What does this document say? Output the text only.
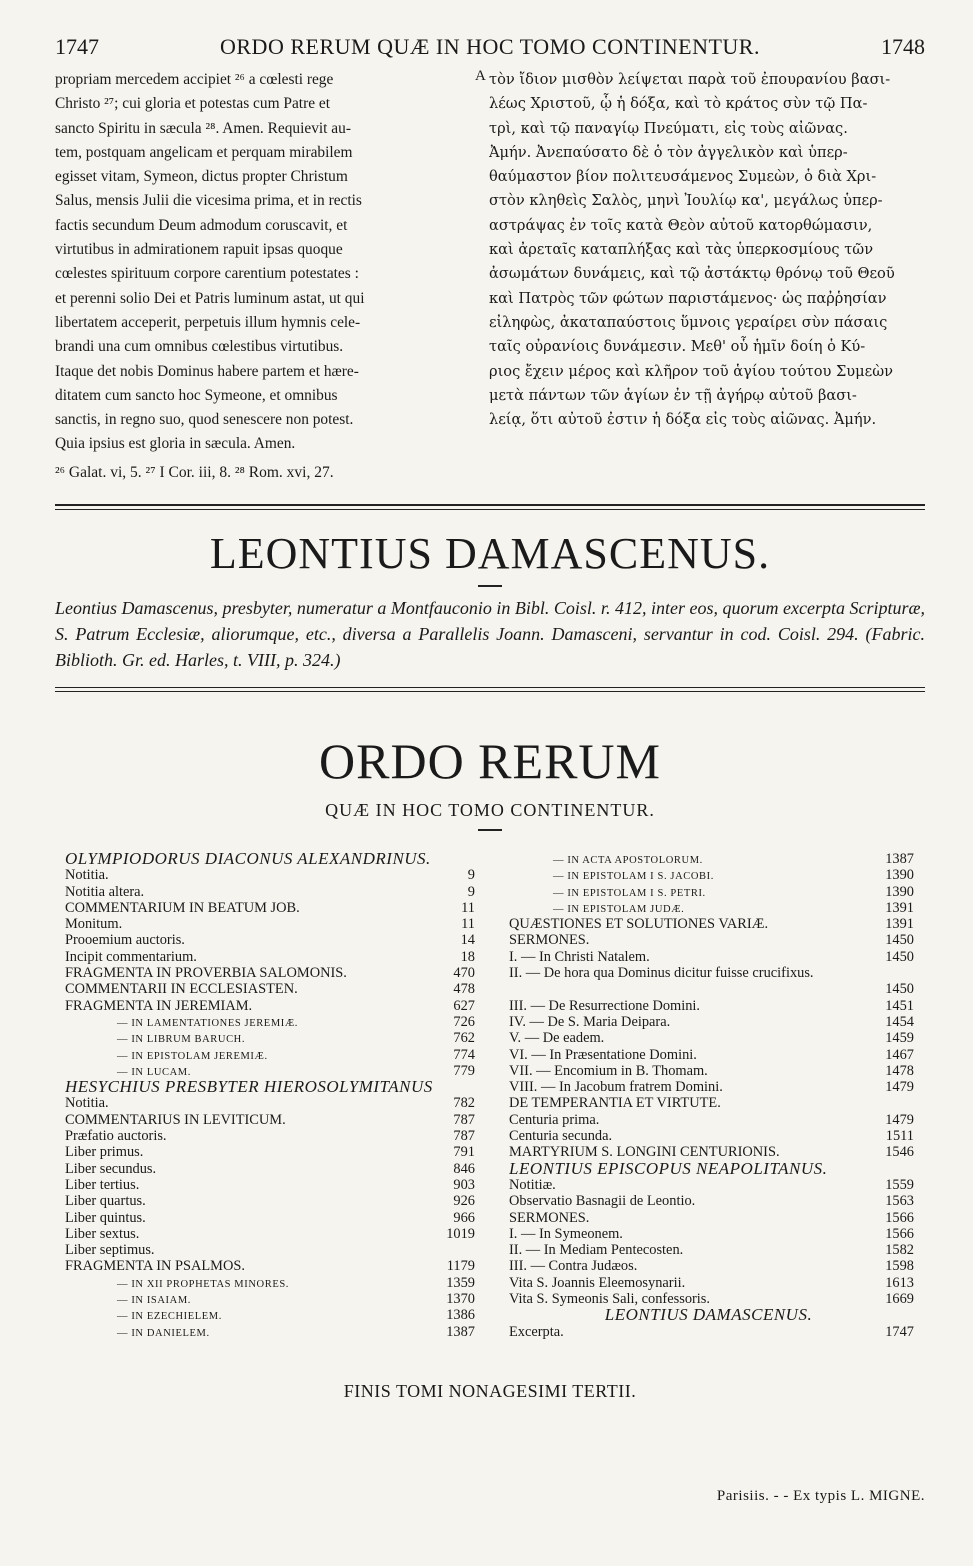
1747	ORDO RERUM QUÆ IN HOC TOMO CONTINENTUR.	1748
propriam mercedem accipiet ²⁶ a cœlesti rege
Christo ²⁷; cui gloria et potestas cum Patre et
sancto Spiritu in sæcula ²⁸. Amen. Requievit au-
tem, postquam angelicam et perquam mirabilem
egisset vitam, Symeon, dictus propter Christum
Salus, mensis Julii die vicesima prima, et in rectis
factis secundum Deum admodum coruscavit, et
virtutibus in admirationem rapuit ipsas quoque
cœlestes spirituum corpore carentium potestates :
et perenni solio Dei et Patris luminum astat, ut qui
libertatem acceperit, perpetuis illum hymnis cele-
brandi una cum omnibus cœlestibus virtutibus.
Itaque det nobis Dominus habere partem et hære-
ditatem cum sancto hoc Symeone, et omnibus
sanctis, in regno suo, quod senescere non potest.
Quia ipsius est gloria in sæcula. Amen.
A τὸν ἴδιον μισθὸν λείψεται παρὰ τοῦ ἐπουρανίου βασι-
λέως Χριστοῦ, ᾧ ἡ δόξα, καὶ τὸ κράτος σὺν τῷ Πα-
τρὶ, καὶ τῷ παναγίῳ Πνεύματι, εἰς τοὺς αἰῶνας.
Ἀμήν. Ἀνεπαύσατο δὲ ὁ τὸν ἀγγελικὸν καὶ ὑπερ-
θαύμαστον βίον πολιτευσάμενος Συμεὼν, ὁ διὰ Χρι-
στὸν κληθεὶς Σαλὸς, μηνὶ Ἰουλίῳ κα', μεγάλως ὑπερ-
αστράψας ἐν τοῖς κατὰ Θεὸν αὐτοῦ κατορθώμασιν,
καὶ ἀρεταῖς καταπλήξας καὶ τὰς ὑπερκοσμίους τῶν
ἀσωμάτων δυνάμεις, καὶ τῷ ἀστάκτῳ θρόνῳ τοῦ Θεοῦ
καὶ Πατρὸς τῶν φώτων παριστάμενος· ὡς παῤῥησίαν
εἰληφὼς, ἀκαταπαύστοις ὕμνοις γεραίρει σὺν πάσαις
ταῖς οὐρανίοις δυνάμεσιν. Μεθ' οὗ ἡμῖν δοίη ὁ Κύ-
ριος ἔχειν μέρος καὶ κλῆρον τοῦ ἁγίου τούτου Συμεὼν
μετὰ πάντων τῶν ἁγίων ἐν τῇ ἀγήρῳ αὐτοῦ βασι-
λείᾳ, ὅτι αὐτοῦ ἐστιν ἡ δόξα εἰς τοὺς αἰῶνας. Ἀμήν.
²⁶ Galat. vi, 5. ²⁷ I Cor. iii, 8. ²⁸ Rom. xvi, 27.
LEONTIUS DAMASCENUS.
Leontius Damascenus, presbyter, numeratur a Montfauconio in Bibl. Coisl. r. 412, inter eos, quorum excerpta Scripturæ, S. Patrum Ecclesiæ, aliorumque, etc., diversa a Parallelis Joann. Damasceni, servantur in cod. Coisl. 294. (Fabric. Biblioth. Gr. ed. Harles, t. VIII, p. 324.)
ORDO RERUM
QUÆ IN HOC TOMO CONTINENTUR.
OLYMPIODORUS DIACONUS ALEXANDRINUS.
Notitia.	9
Notitia altera.	9
COMMENTARIUM IN BEATUM JOB.	11
Monitum.	11
Prooemium auctoris.	14
Incipit commentarium.	18
FRAGMENTA IN PROVERBIA SALOMONIS.	470
COMMENTARII IN ECCLESIASTEN.	478
FRAGMENTA IN JEREMIAM.	627
— IN LAMENTATIONES JEREMIÆ.	726
— IN LIBRUM BARUCH.	762
— IN EPISTOLAM JEREMIÆ.	774
— IN LUCAM.	779
HESYCHIUS PRESBYTER HIEROSOLYMITANUS
Notitia.	782
COMMENTARIUS IN LEVITICUM.	787
Præfatio auctoris.	787
Liber primus.	791
Liber secundus.	846
Liber tertius.	903
Liber quartus.	926
Liber quintus.	966
Liber sextus.	1019
Liber septimus.
FRAGMENTA IN PSALMOS.	1179
— IN XII PROPHETAS MINORES.	1359
— IN ISAIAM.	1370
— IN EZECHIELEM.	1386
— IN DANIELEM.	1387
— IN ACTA APOSTOLORUM.	1387
— IN EPISTOLAM I S. JACOBI.	1390
— IN EPISTOLAM I S. PETRI.	1390
— IN EPISTOLAM JUDÆ.	1391
QUÆSTIONES ET SOLUTIONES VARIÆ.	1391
SERMONES.	1450
I. — In Christi Natalem.	1450
II. — De hora qua Dominus dicitur fuisse crucifixus.
1450
III. — De Resurrectione Domini.	1451
IV. — De S. Maria Deipara.	1454
V. — De eadem.	1459
VI. — In Præsentatione Domini.	1467
VII. — Encomium in B. Thomam.	1478
VIII. — In Jacobum fratrem Domini.	1479
DE TEMPERANTIA ET VIRTUTE.
Centuria prima.	1479
Centuria secunda.	1511
MARTYRIUM S. LONGINI CENTURIONIS.	1546
LEONTIUS EPISCOPUS NEAPOLITANUS.
Notitiæ.	1559
Observatio Basnagii de Leontio.	1563
SERMONES.	1566
I. — In Symeonem.	1566
II. — In Mediam Pentecosten.	1582
III. — Contra Judæos.	1598
Vita S. Joannis Eleemosynarii.	1613
Vita S. Symeonis Sali, confessoris.	1669
LEONTIUS DAMASCENUS.
Excerpta.	1747
FINIS TOMI NONAGESIMI TERTII.
Parisiis. - - Ex typis L. MIGNE.
